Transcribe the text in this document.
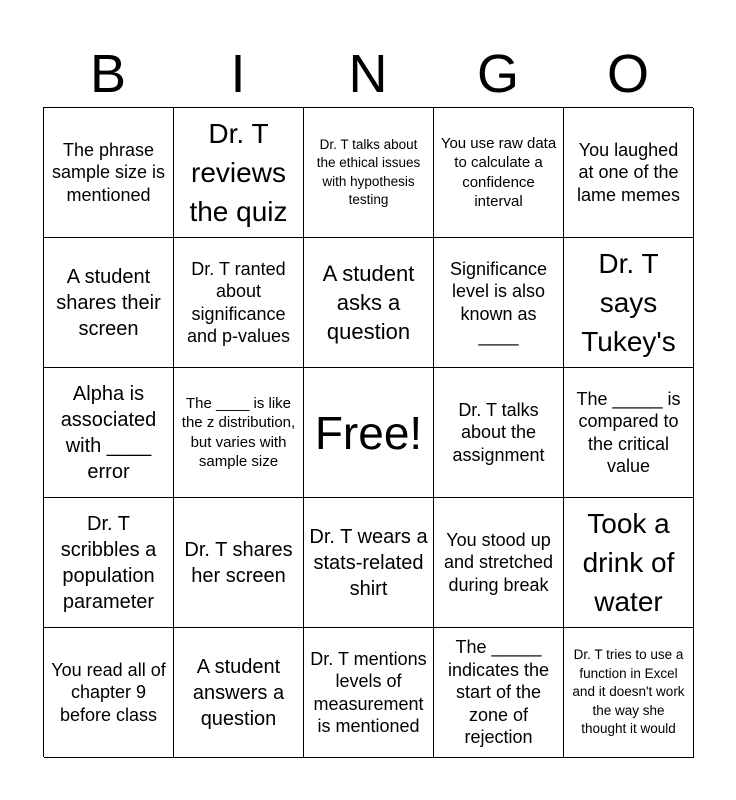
B	I	N	G	O
The phrase sample size is mentioned
Dr. T reviews the quiz
Dr. T talks about the ethical issues with hypothesis testing
You use raw data to calculate a confidence interval
You laughed at one of the lame memes
A student shares their screen
Dr. T ranted about significance and p-values
A student asks a question
Significance level is also known as ____
Dr. T says Tukey's
Alpha is associated with ____ error
The ____ is like the z distribution, but varies with sample size
Free!	Dr. T talks about the assignment
The _____ is compared to the critical value
Dr. T scribbles a population parameter
Dr. T shares her screen
Dr. T wears a stats-related shirt
You stood up and stretched during break
Took a drink of water
You read all of chapter 9 before class
A student answers a question
Dr. T mentions levels of measurement is mentioned
The _____ indicates the start of the zone of rejection
Dr. T tries to use a function in Excel and it doesn't work the way she thought it would
